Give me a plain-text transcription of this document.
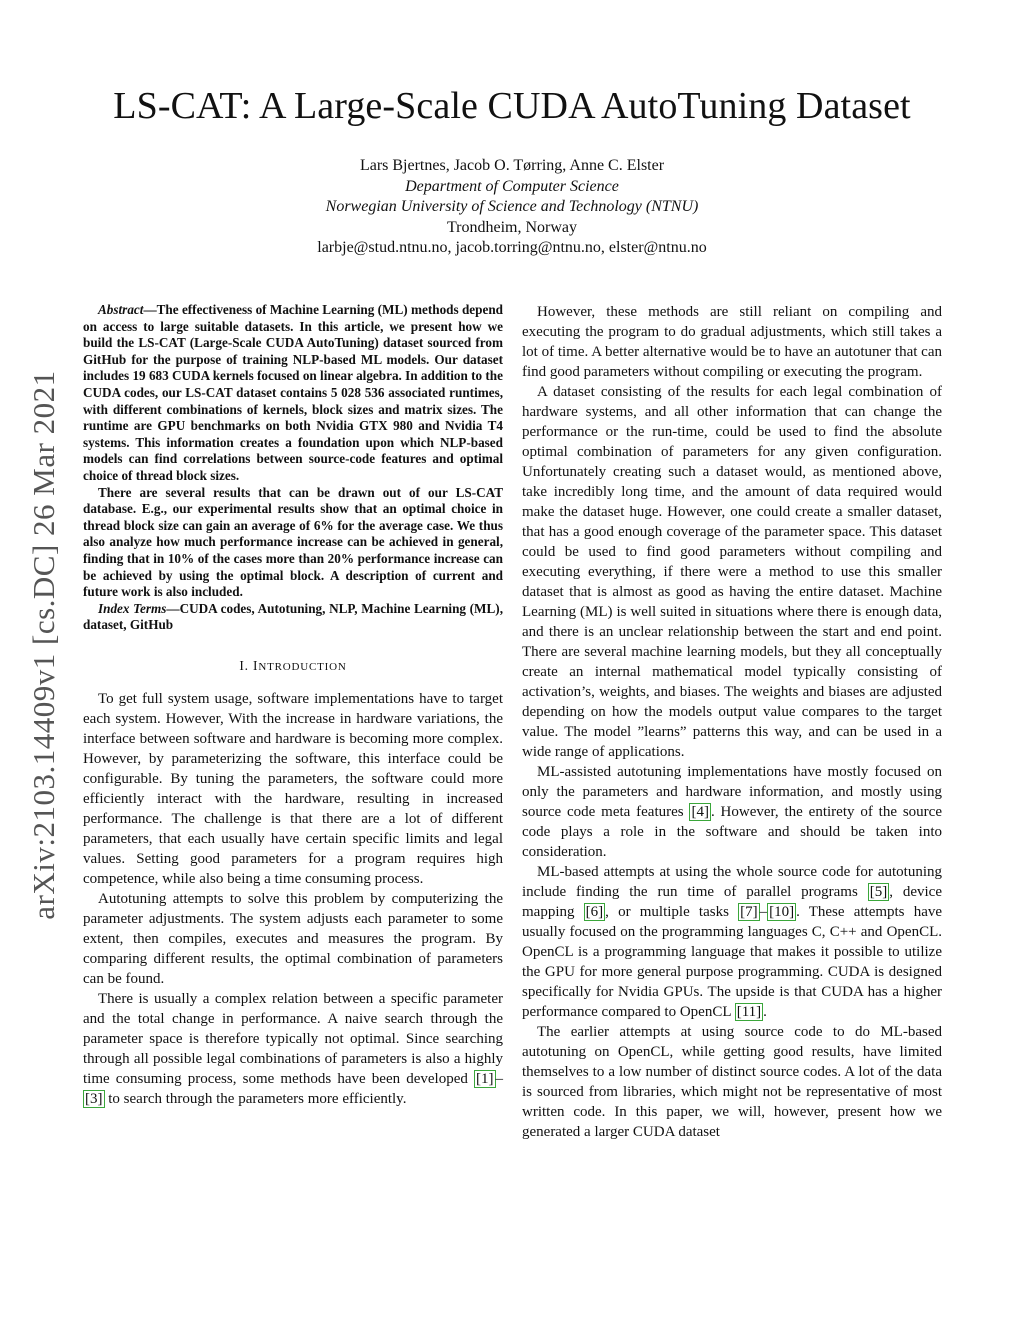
LS-CAT: A Large-Scale CUDA AutoTuning Dataset
Lars Bjertnes, Jacob O. Tørring, Anne C. Elster
Department of Computer Science
Norwegian University of Science and Technology (NTNU)
Trondheim, Norway
larbje@stud.ntnu.no, jacob.torring@ntnu.no, elster@ntnu.no
arXiv:2103.14409v1 [cs.DC] 26 Mar 2021

Abstract—The effectiveness of Machine Learning (ML) methods depend on access to large suitable datasets. In this article, we present how we build the LS-CAT (Large-Scale CUDA AutoTuning) dataset sourced from GitHub for the purpose of training NLP-based ML models. Our dataset includes 19 683 CUDA kernels focused on linear algebra. In addition to the CUDA codes, our LS-CAT dataset contains 5 028 536 associated runtimes, with different combinations of kernels, block sizes and matrix sizes. The runtime are GPU benchmarks on both Nvidia GTX 980 and Nvidia T4 systems. This information creates a foundation upon which NLP-based models can find correlations between source-code features and optimal choice of thread block sizes.

There are several results that can be drawn out of our LS-CAT database. E.g., our experimental results show that an optimal choice in thread block size can gain an average of 6% for the average case. We thus also analyze how much performance increase can be achieved in general, finding that in 10% of the cases more than 20% performance increase can be achieved by using the optimal block. A description of current and future work is also included.

Index Terms—CUDA codes, Autotuning, NLP, Machine Learning (ML), dataset, GitHub

I. INTRODUCTION

To get full system usage, software implementations have to target each system. However, With the increase in hardware variations, the interface between software and hardware is becoming more complex. However, by parameterizing the software, this interface could be configurable. By tuning the parameters, the software could more efficiently interact with the hardware, resulting in increased performance. The challenge is that there are a lot of different parameters, that each usually have certain specific limits and legal values. Setting good parameters for a program requires high competence, while also being a time consuming process.

Autotuning attempts to solve this problem by computerizing the parameter adjustments. The system adjusts each parameter to some extent, then compiles, executes and measures the program. By comparing different results, the optimal combination of parameters can be found.

There is usually a complex relation between a specific parameter and the total change in performance. A naive search through the parameter space is therefore typically not optimal. Since searching through all possible legal combinations of parameters is also a highly time consuming process, some methods have been developed [1] –[3] to search through the parameters more efficiently.

However, these methods are still reliant on compiling and executing the program to do gradual adjustments, which still takes a lot of time. A better alternative would be to have an autotuner that can find good parameters without compiling or executing the program.

A dataset consisting of the results for each legal combination of hardware systems, and all other information that can change the performance or the run-time, could be used to find the absolute optimal combination of parameters for any given configuration. Unfortunately creating such a dataset would, as mentioned above, take incredibly long time, and the amount of data required would make the dataset huge. However, one could create a smaller dataset, that has a good enough coverage of the parameter space. This dataset could be used to find good parameters without compiling and executing everything, if there were a method to use this smaller dataset that is almost as good as having the entire dataset. Machine Learning (ML) is well suited in situations where there is enough data, and there is an unclear relationship between the start and end point. There are several machine learning models, but they all conceptually create an internal mathematical model typically consisting of activation’s, weights, and biases. The weights and biases are adjusted depending on how the models output value compares to the target value. The model ”learns” patterns this way, and can be used in a wide range of applications.

ML-assisted autotuning implementations have mostly focused on only the parameters and hardware information, and mostly using source code meta features [4] . However, the entirety of the source code plays a role in the software and should be taken into consideration.

ML-based attempts at using the whole source code for autotuning include finding the run time of parallel programs [5] , device mapping [6] , or multiple tasks [7] – [10] . These attempts have usually focused on the programming languages C, C++ and OpenCL. OpenCL is a programming language that makes it possible to utilize the GPU for more general purpose programming. CUDA is designed specifically for Nvidia GPUs. The upside is that CUDA has a higher performance compared to OpenCL [11] .

The earlier attempts at using source code to do ML-based autotuning on OpenCL, while getting good results, have limited themselves to a low number of distinct source codes. A lot of the data is sourced from libraries, which might not be representative of most written code. In this paper, we will, however, present how we generated a larger CUDA dataset
